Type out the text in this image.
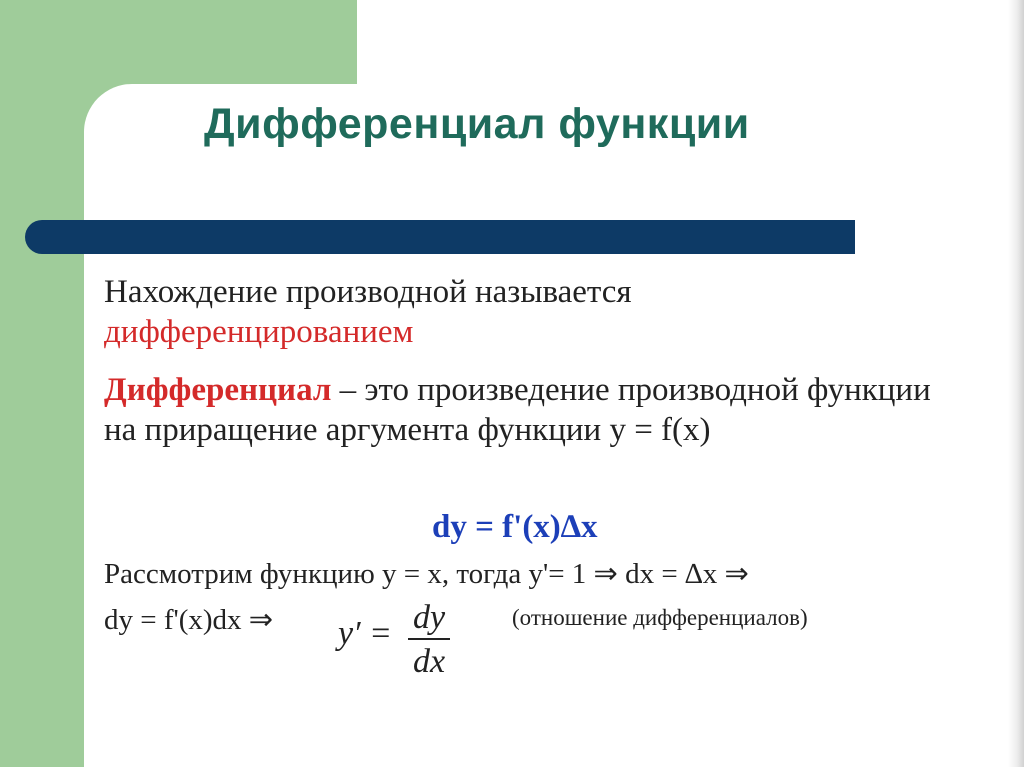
Дифференциал функции
Нахождение производной называется
дифференцированием
Дифференциал – это произведение производной функции на приращение аргумента функции y = f(x)
dy = f'(x)∆x
Рассмотрим функцию y = x, тогда y'= 1 ⇒ dx = ∆x ⇒
dy = f'(x)dx ⇒ y′ = dy
dx
(отношение дифференциалов)
